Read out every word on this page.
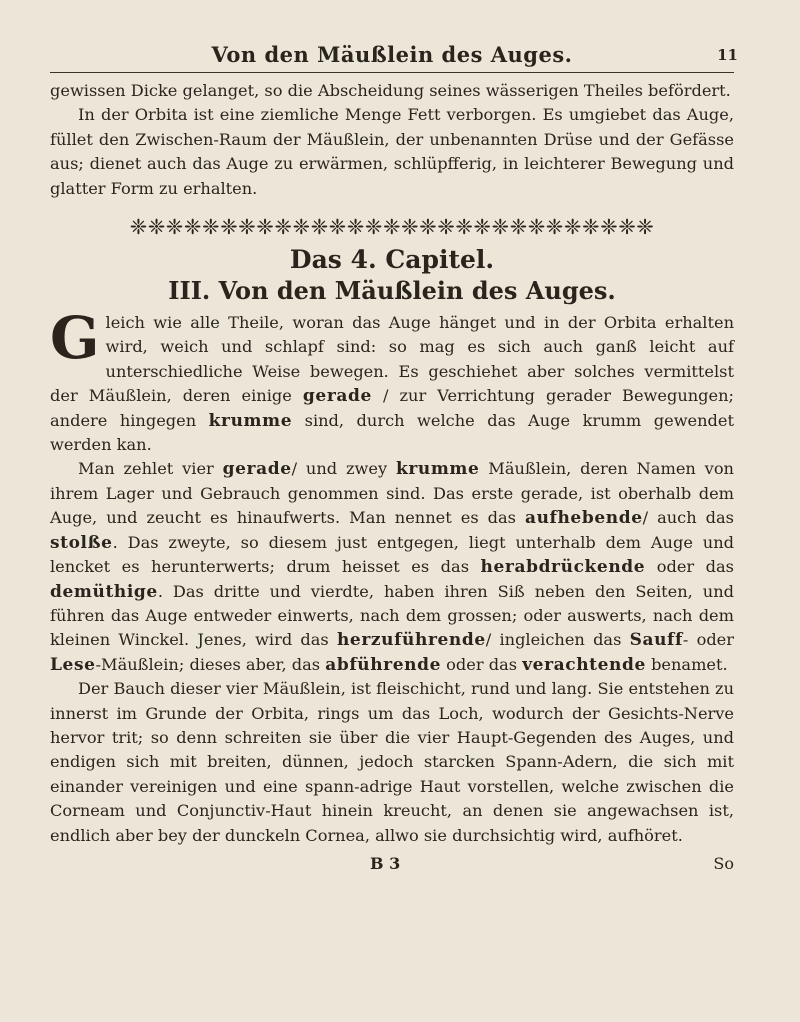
Von den Mäußlein des Auges.	11

gewissen Dicke gelanget, so die Abscheidung seines wässerigen Theiles befördert.

In der Orbita ist eine ziemliche Menge Fett verborgen. Es umgiebet das Auge, füllet den Zwischen-Raum der Mäußlein, der unbenannten Drüse und der Gefässe aus; dienet auch das Auge zu erwärmen, schlüpfferig, in leichterer Bewegung und glatter Form zu erhalten.

❈❈❈❈❈❈❈❈❈❈❈❈❈❈❈❈❈❈❈❈❈❈❈❈❈❈❈❈❈
Das 4. Capitel.
III. Von den Mäußlein des Auges.

Gleich wie alle Theile, woran das Auge hänget und in der Orbita erhalten wird, weich und schlapf sind: so mag es sich auch ganß leicht auf unterschiedliche Weise bewegen. Es geschiehet aber solches vermittelst der Mäußlein, deren einige gerade / zur Verrichtung gerader Bewegungen; andere hingegen krumme sind, durch welche das Auge krumm gewendet werden kan.

Man zehlet vier gerade/ und zwey krumme Mäußlein, deren Namen von ihrem Lager und Gebrauch genommen sind. Das erste gerade, ist oberhalb dem Auge, und zeucht es hinaufwerts. Man nennet es das aufhebende/ auch das stolße. Das zweyte, so diesem just entgegen, liegt unterhalb dem Auge und lencket es herunterwerts; drum heisset es das herabdrückende oder das demüthige. Das dritte und vierdte, haben ihren Siß neben den Seiten, und führen das Auge entweder einwerts, nach dem grossen; oder auswerts, nach dem kleinen Winckel. Jenes, wird das herzuführende/ ingleichen das Sauff- oder Lese-Mäußlein; dieses aber, das abführende oder das verachtende benamet.

Der Bauch dieser vier Mäußlein, ist fleischicht, rund und lang. Sie entstehen zu innerst im Grunde der Orbita, rings um das Loch, wodurch der Gesichts-Nerve hervor trit; so denn schreiten sie über die vier Haupt-Gegenden des Auges, und endigen sich mit breiten, dünnen, jedoch starcken Spann-Adern, die sich mit einander vereinigen und eine spann-adrige Haut vorstellen, welche zwischen die Corneam und Conjunctiv-Haut hinein kreucht, an denen sie angewachsen ist, endlich aber bey der dunckeln Cornea, allwo sie durchsichtig wird, aufhöret.

B 3	So
